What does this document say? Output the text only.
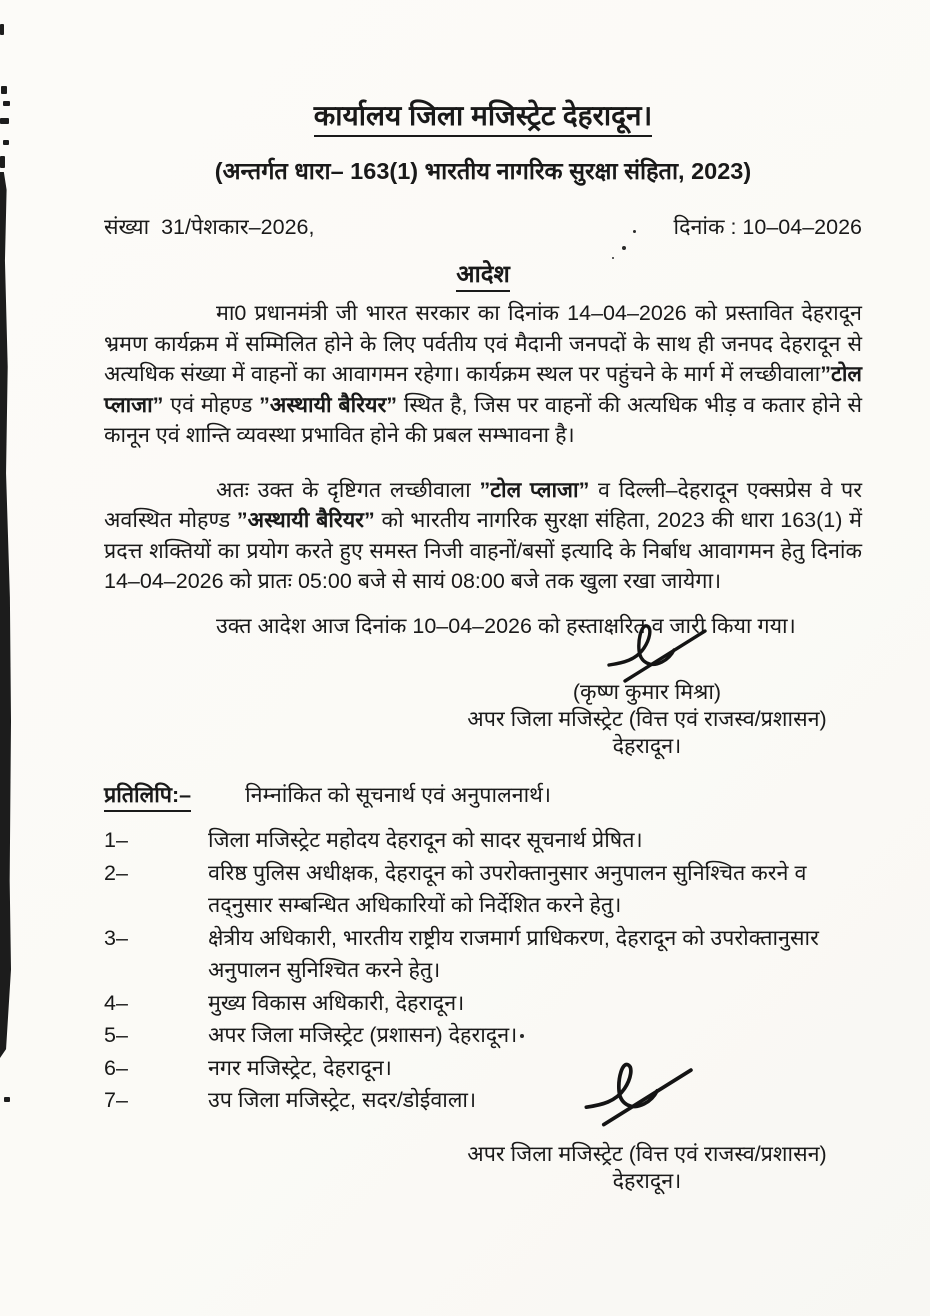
कार्यालय जिला मजिस्ट्रेट देहरादून।
(अन्तर्गत धारा– 163(1) भारतीय नागरिक सुरक्षा संहिता, 2023)
संख्या  31/पेशकार–2026,	दिनांक : 10–04–2026
आदेश

मा0 प्रधानमंत्री जी भारत सरकार का दिनांक 14–04–2026 को प्रस्तावित देहरादून भ्रमण कार्यक्रम में सम्मिलित होने के लिए पर्वतीय एवं मैदानी जनपदों के साथ ही जनपद देहरादून से अत्यधिक संख्या में वाहनों का आवागमन रहेगा। कार्यक्रम स्थल पर पहुंचने के मार्ग में लच्छीवाला”टोल प्लाजा” एवं मोहण्ड ”अस्थायी बैरियर” स्थित है, जिस पर वाहनों की अत्यधिक भीड़ व कतार होने से कानून एवं शान्ति व्यवस्था प्रभावित होने की प्रबल सम्भावना है।

अतः उक्त के दृष्टिगत लच्छीवाला ”टोल प्लाजा” व दिल्ली–देहरादून एक्सप्रेस वे पर अवस्थित मोहण्ड ”अस्थायी बैरियर” को भारतीय नागरिक सुरक्षा संहिता, 2023 की धारा 163(1) में प्रदत्त शक्तियों का प्रयोग करते हुए समस्त निजी वाहनों/बसों इत्यादि के निर्बाध आवागमन हेतु दिनांक 14–04–2026 को प्रातः 05:00 बजे से सायं 08:00 बजे तक खुला रखा जायेगा।

उक्त आदेश आज दिनांक 10–04–2026 को हस्ताक्षरित व जारी किया गया।

(कृष्ण कुमार मिश्रा)
अपर जिला मजिस्ट्रेट (वित्त एवं राजस्व/प्रशासन)
देहरादून।
प्रतिलिपि:–	निम्नांकित को सूचनार्थ एवं अनुपालनार्थ।
1–	जिला मजिस्ट्रेट महोदय देहरादून को सादर सूचनार्थ प्रेषित।
2–	वरिष्ठ पुलिस अधीक्षक, देहरादून को उपरोक्तानुसार अनुपालन सुनिश्चित करने व तद्नुसार सम्बन्धित अधिकारियों को निर्देशित करने हेतु।
3–	क्षेत्रीय अधिकारी, भारतीय राष्ट्रीय राजमार्ग प्राधिकरण, देहरादून को उपरोक्तानुसार अनुपालन सुनिश्चित करने हेतु।
4–	मुख्य विकास अधिकारी, देहरादून।
5–	अपर जिला मजिस्ट्रेट (प्रशासन) देहरादून।
6–	नगर मजिस्ट्रेट, देहरादून।
7–	उप जिला मजिस्ट्रेट, सदर/डोईवाला।
अपर जिला मजिस्ट्रेट (वित्त एवं राजस्व/प्रशासन)
देहरादून।
